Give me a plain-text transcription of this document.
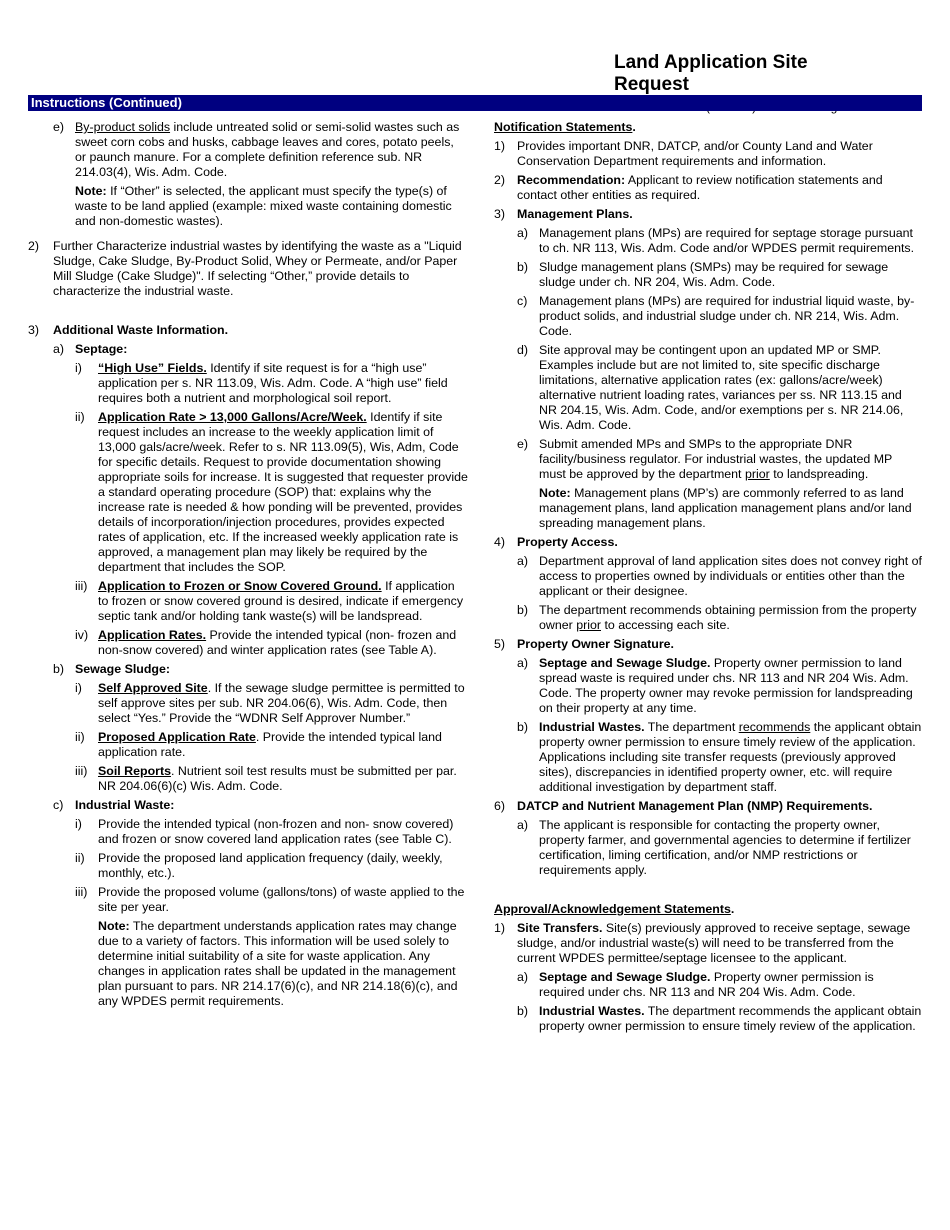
Land Application Site Request
Instructions (Continued)
e) By-product solids include untreated solid or semi-solid wastes such as sweet corn cobs and husks, cabbage leaves and cores, potato peels, or paunch manure. For a complete definition reference sub. NR 214.03(4), Wis. Adm. Code.
Note: If “Other” is selected, the applicant must specify the type(s) of waste to be land applied (example: mixed waste containing domestic and non-domestic wastes).
2)	Further Characterize industrial wastes by identifying the waste as a "Liquid Sludge, Cake Sludge, By-Product Solid, Whey or Permeate, and/or Paper Mill Sludge (Cake Sludge)". If selecting “Other,” provide details to characterize the industrial waste.
3)	Additional Waste Information.
a) Septage:
i)	“High Use” Fields. Identify if site request is for a “high use” application per s. NR 113.09, Wis. Adm. Code. A “high use” field requires both a nutrient and morphological soil report.
ii)	Application Rate > 13,000 Gallons/Acre/Week. Identify if site request includes an increase to the weekly application limit of 13,000 gals/acre/week. Refer to s. NR 113.09(5), Wis, Adm, Code for specific details. Request to provide documentation showing appropriate soils for increase. It is suggested that requester provide a standard operating procedure (SOP) that: explains why the increase rate is needed & how ponding will be prevented, provides details of incorporation/injection procedures, provides expected rates of application, etc. If the increased weekly application rate is approved, a management plan may likely be required by the department that includes the SOP.
iii) Application to Frozen or Snow Covered Ground. If application to frozen or snow covered ground is desired, indicate if emergency septic tank and/or holding tank waste(s) will be landspread.
iv) Application Rates. Provide the intended typical (non- frozen and non-snow covered) and winter application rates (see Table A).
b) Sewage Sludge:
i)	Self Approved Site. If the sewage sludge permittee is permitted to self approve sites per sub. NR 204.06(6), Wis. Adm. Code, then select “Yes.” Provide the “WDNR Self Approver Number.”
ii)	Proposed Application Rate. Provide the intended typical land application rate.
iii) Soil Reports. Nutrient soil test results must be submitted per par. NR 204.06(6)(c) Wis. Adm. Code.
c) Industrial Waste:
i)	Provide the intended typical (non-frozen and non- snow covered) and frozen or snow covered land application rates (see Table C).
ii)	Provide the proposed land application frequency (daily, weekly, monthly, etc.).
iii) Provide the proposed volume (gallons/tons) of waste applied to the site per year.
Note: The department understands application rates may change due to a variety of factors. This information will be used solely to determine initial suitability of a site for waste application. Any changes in application rates shall be updated in the management plan pursuant to pars. NR 214.17(6)(c), and NR 214.18(6)(c), and any WPDES permit requirements.
Notification Statements.
1) Provides important DNR, DATCP, and/or County Land and Water Conservation Department requirements and information.
2) Recommendation: Applicant to review notification statements and contact other entities as required.
3) Management Plans.
a) Management plans (MPs) are required for septage storage pursuant to ch. NR 113, Wis. Adm. Code and/or WPDES permit requirements.
b) Sludge management plans (SMPs) may be required for sewage sludge under ch. NR 204, Wis. Adm. Code.
c) Management plans (MPs) are required for industrial liquid waste, by-product solids, and industrial sludge under ch. NR 214, Wis. Adm. Code.
d) Site approval may be contingent upon an updated MP or SMP. Examples include but are not limited to, site specific discharge limitations, alternative application rates (ex: gallons/acre/week) alternative nutrient loading rates, variances per ss. NR 113.15 and NR 204.15, Wis. Adm. Code, and/or exemptions per s. NR 214.06, Wis. Adm. Code.
e) Submit amended MPs and SMPs to the appropriate DNR facility/business regulator. For industrial wastes, the updated MP must be approved by the department prior to landspreading.
Note: Management plans (MP’s) are commonly referred to as land management plans, land application management plans and/or land spreading management plans.
4) Property Access.
a) Department approval of land application sites does not convey right of access to properties owned by individuals or entities other than the applicant or their designee.
b) The department recommends obtaining permission from the property owner prior to accessing each site.
5) Property Owner Signature.
a) Septage and Sewage Sludge. Property owner permission to land spread waste is required under chs. NR 113 and NR 204 Wis. Adm. Code. The property owner may revoke permission for landspreading on their property at any time.
b) Industrial Wastes. The department recommends the applicant obtain property owner permission to ensure timely review of the application. Applications including site transfer requests (previously approved sites), discrepancies in identified property owner, etc. will require additional investigation by department staff.
6) DATCP and Nutrient Management Plan (NMP) Requirements.
a) The applicant is responsible for contacting the property owner, property farmer, and governmental agencies to determine if fertilizer certification, liming certification, and/or NMP restrictions or requirements apply.
Approval/Acknowledgement Statements.
1) Site Transfers. Site(s) previously approved to receive septage, sewage sludge, and/or industrial waste(s) will need to be transferred from the current WPDES permittee/septage licensee to the applicant.
a) Septage and Sewage Sludge. Property owner permission is required under chs. NR 113 and NR 204 Wis. Adm. Code.
b) Industrial Wastes. The department recommends the applicant obtain property owner permission to ensure timely review of the application.
